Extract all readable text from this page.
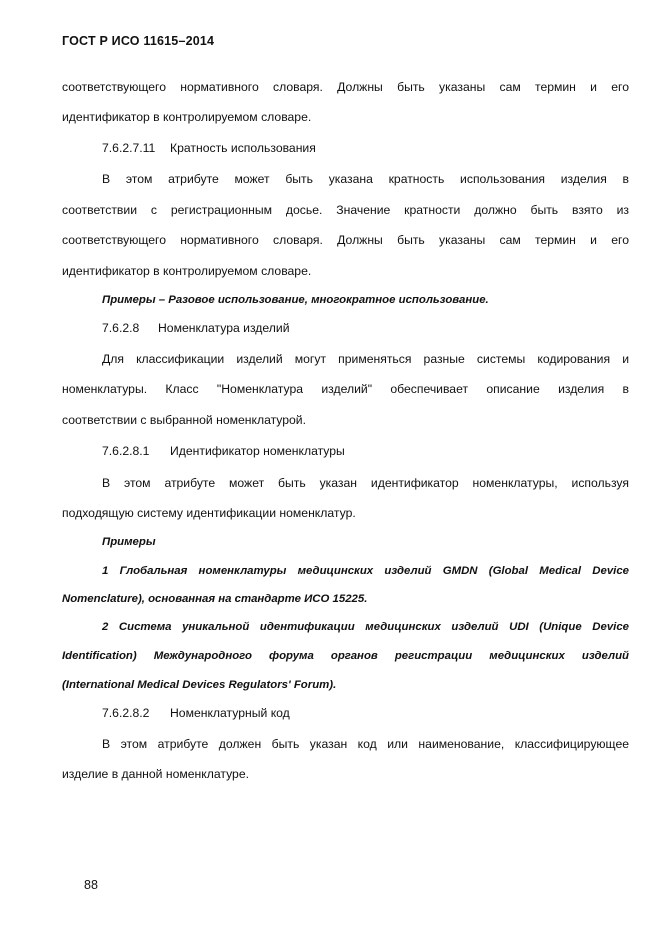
ГОСТ Р ИСО 11615–2014
соответствующего нормативного словаря. Должны быть указаны сам термин и его
идентификатор в контролируемом словаре.
7.6.2.7.11 Кратность использования
В этом атрибуте может быть указана кратность использования изделия в
соответствии с регистрационным досье. Значение кратности должно быть взято из
соответствующего нормативного словаря. Должны быть указаны сам термин и его
идентификатор в контролируемом словаре.
Примеры – Разовое использование, многократное использование.
7.6.2.8 Номенклатура изделий
Для классификации изделий могут применяться разные системы кодирования и
номенклатуры. Класс "Номенклатура изделий" обеспечивает описание изделия в
соответствии с выбранной номенклатурой.
7.6.2.8.1 Идентификатор номенклатуры
В этом атрибуте может быть указан идентификатор номенклатуры, используя
подходящую систему идентификации номенклатур.
Примеры
1 Глобальная номенклатуры медицинских изделий GMDN (Global Medical Device
Nomenclature), основанная на стандарте ИСО 15225.
2 Система уникальной идентификации медицинских изделий UDI (Unique Device
Identification) Международного форума органов регистрации медицинских изделий
(International Medical Devices Regulators' Forum).
7.6.2.8.2 Номенклатурный код
В этом атрибуте должен быть указан код или наименование, классифицирующее
изделие в данной номенклатуре.
88
